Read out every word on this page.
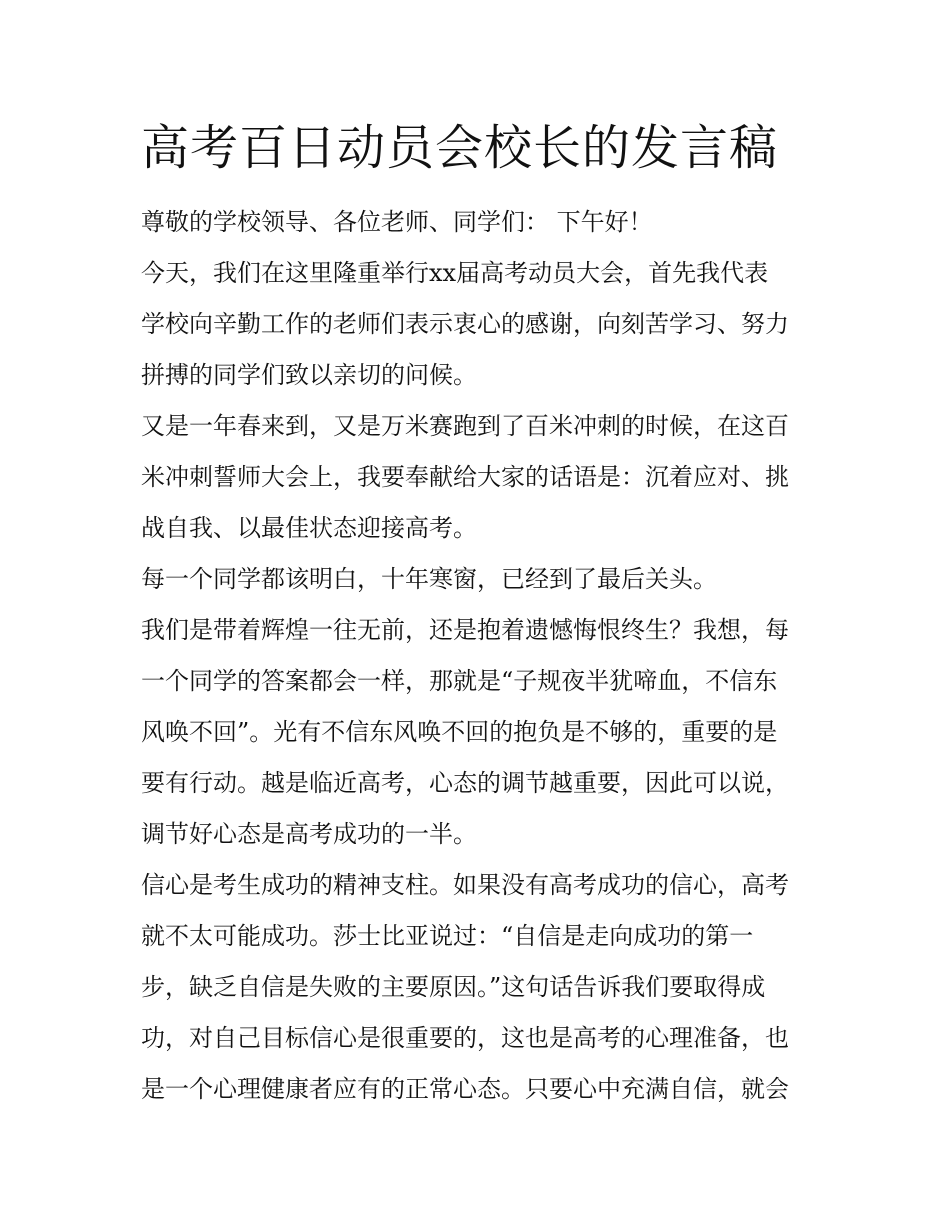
高考百日动员会校长的发言稿
尊敬的学校领导、各位老师、同学们： 下午好！
今天，我们在这里隆重举行xx届高考动员大会，首先我代表
学校向辛勤工作的老师们表示衷心的感谢，向刻苦学习、努力
拼搏的同学们致以亲切的问候。
又是一年春来到，又是万米赛跑到了百米冲刺的时候，在这百
米冲刺誓师大会上，我要奉献给大家的话语是：沉着应对、挑
战自我、以最佳状态迎接高考。
每一个同学都该明白，十年寒窗，已经到了最后关头。
我们是带着辉煌一往无前，还是抱着遗憾悔恨终生？我想，每
一个同学的答案都会一样，那就是“子规夜半犹啼血，不信东
风唤不回”。光有不信东风唤不回的抱负是不够的，重要的是
要有行动。越是临近高考，心态的调节越重要，因此可以说，
调节好心态是高考成功的一半。
信心是考生成功的精神支柱。如果没有高考成功的信心，高考
就不太可能成功。莎士比亚说过：“自信是走向成功的第一
步，缺乏自信是失败的主要原因。”这句话告诉我们要取得成
功，对自己目标信心是很重要的，这也是高考的心理准备，也
是一个心理健康者应有的正常心态。只要心中充满自信，就会
